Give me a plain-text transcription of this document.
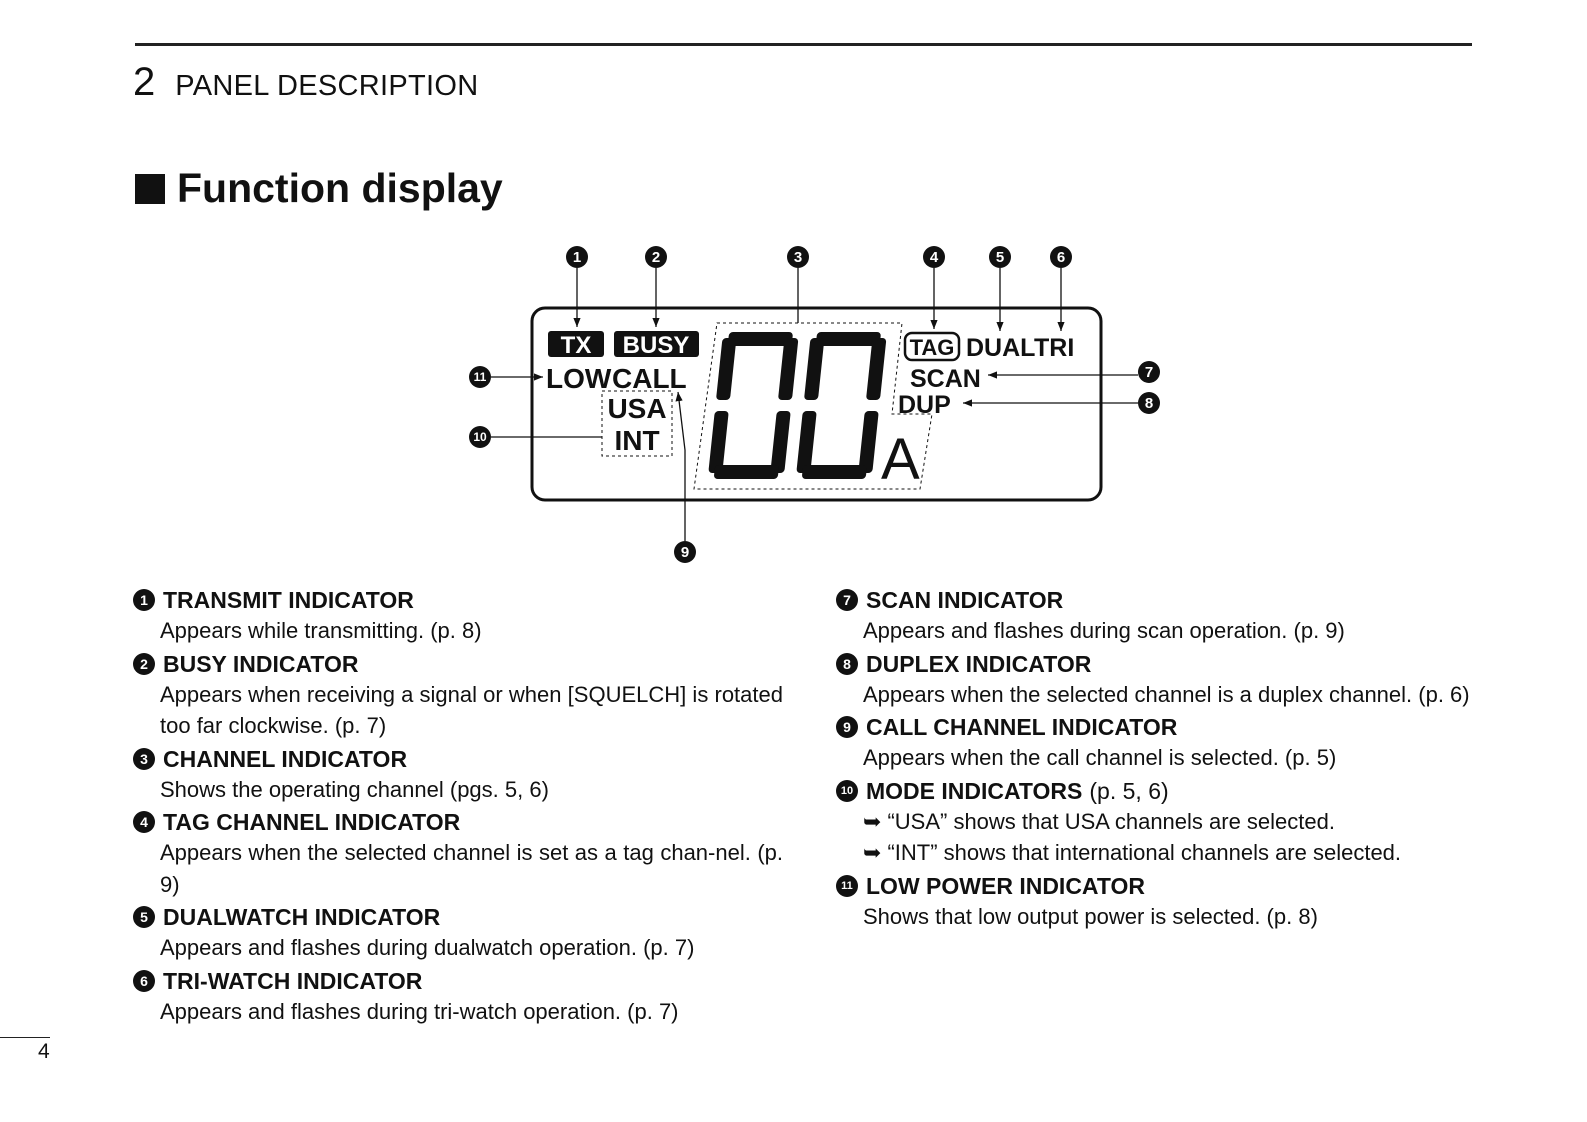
2 PANEL DESCRIPTION
Function display
TX BUSY
LOW CALL
USA
INT	A
TAG DUAL
TRI
SCAN
DUP
1	2	3	4	5	6
7
8
9
10
11
1 TRANSMIT INDICATOR
Appears while transmitting. (p. 8)
2 BUSY INDICATOR
Appears when receiving a signal or when [SQUELCH] is rotated too far clockwise. (p. 7)
3 CHANNEL INDICATOR
Shows the operating channel (pgs. 5, 6)
4 TAG CHANNEL INDICATOR
Appears when the selected channel is set as a tag chan-nel. (p. 9)
5 DUALWATCH INDICATOR
Appears and flashes during dualwatch operation. (p. 7)
6 TRI-WATCH INDICATOR
Appears and flashes during tri-watch operation. (p. 7)
7 SCAN INDICATOR
Appears and flashes during scan operation. (p. 9)
8 DUPLEX INDICATOR
Appears when the selected channel is a duplex channel. (p. 6)
9 CALL CHANNEL INDICATOR
Appears when the call channel is selected. (p. 5)
10 MODE INDICATORS (p. 5, 6)
➥ “USA” shows that USA channels are selected.
➥ “INT” shows that international channels are selected.
11 LOW POWER INDICATOR
Shows that low output power is selected. (p. 8)
4
